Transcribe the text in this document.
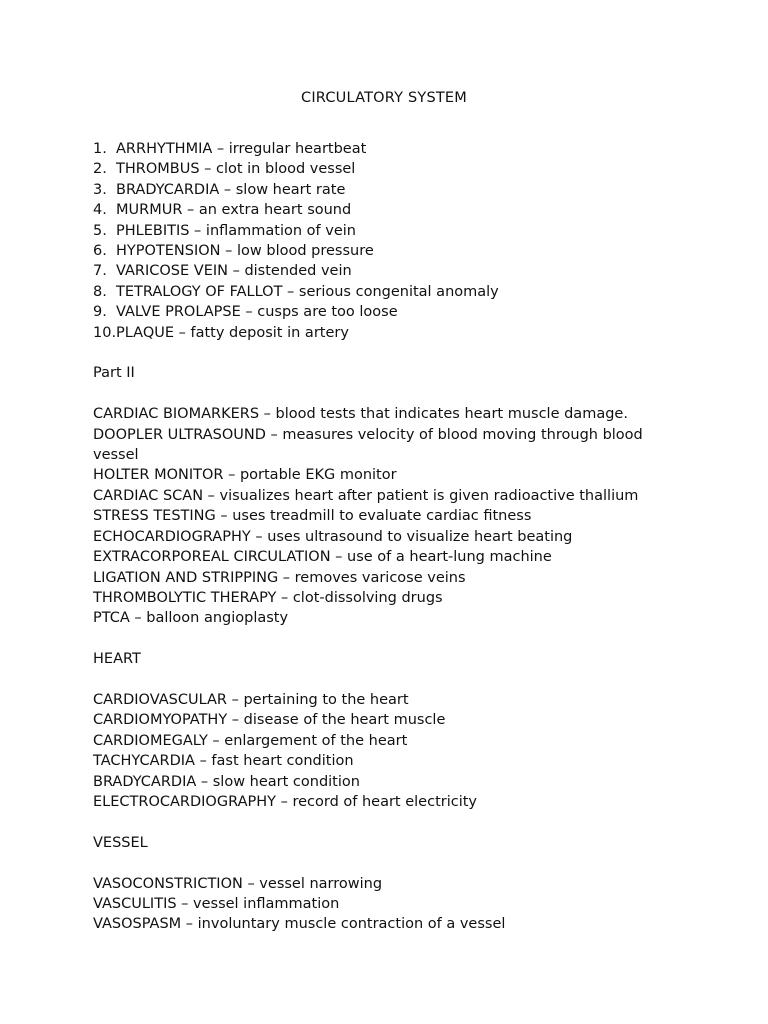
CIRCULATORY SYSTEM
1. ARRHYTHMIA – irregular heartbeat
2. THROMBUS – clot in blood vessel
3. BRADYCARDIA – slow heart rate
4. MURMUR – an extra heart sound
5. PHLEBITIS – inflammation of vein
6. HYPOTENSION – low blood pressure
7. VARICOSE VEIN – distended vein
8. TETRALOGY OF FALLOT – serious congenital anomaly
9. VALVE PROLAPSE – cusps are too loose
10. PLAQUE – fatty deposit in artery

Part II

CARDIAC BIOMARKERS – blood tests that indicates heart muscle damage.
DOOPLER ULTRASOUND – measures velocity of blood moving through blood vessel
HOLTER MONITOR – portable EKG monitor
CARDIAC SCAN – visualizes heart after patient is given radioactive thallium
STRESS TESTING – uses treadmill to evaluate cardiac fitness
ECHOCARDIOGRAPHY – uses ultrasound to visualize heart beating
EXTRACORPOREAL CIRCULATION – use of a heart-lung machine
LIGATION AND STRIPPING – removes varicose veins
THROMBOLYTIC THERAPY – clot-dissolving drugs
PTCA – balloon angioplasty

HEART

CARDIOVASCULAR – pertaining to the heart
CARDIOMYOPATHY – disease of the heart muscle
CARDIOMEGALY – enlargement of the heart
TACHYCARDIA – fast heart condition
BRADYCARDIA – slow heart condition
ELECTROCARDIOGRAPHY – record of heart electricity

VESSEL

VASOCONSTRICTION – vessel narrowing
VASCULITIS – vessel inflammation
VASOSPASM – involuntary muscle contraction of a vessel
